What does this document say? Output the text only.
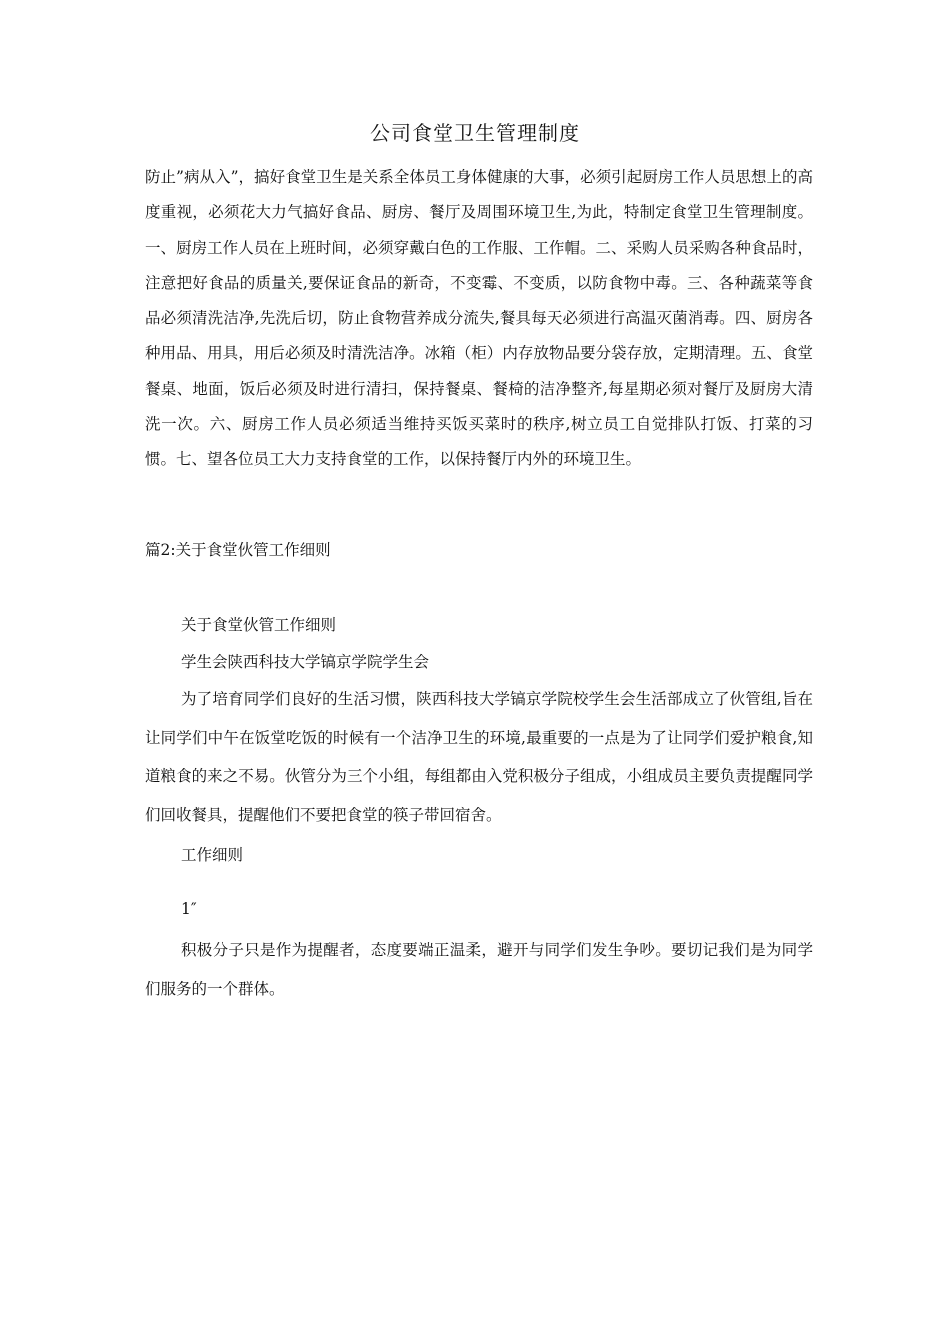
公司食堂卫生管理制度

防止”病从入”，搞好食堂卫生是关系全体员工身体健康的大事，必须引起厨房工作人员思想上的高度重视，必须花大力气搞好食品、厨房、餐厅及周围环境卫生,为此，特制定食堂卫生管理制度。一、厨房工作人员在上班时间，必须穿戴白色的工作服、工作帽。二、采购人员采购各种食品时，注意把好食品的质量关,要保证食品的新奇，不变霉、不变质，以防食物中毒。三、各种蔬菜等食品必须清洗洁净,先洗后切，防止食物营养成分流失,餐具每天必须进行高温灭菌消毒。四、厨房各种用品、用具，用后必须及时清洗洁净。冰箱（柜）内存放物品要分袋存放，定期清理。五、食堂餐桌、地面，饭后必须及时进行清扫，保持餐桌、餐椅的洁净整齐,每星期必须对餐厅及厨房大清洗一次。六、厨房工作人员必须适当维持买饭买菜时的秩序,树立员工自觉排队打饭、打菜的习惯。七、望各位员工大力支持食堂的工作，以保持餐厅内外的环境卫生。

篇2:关于食堂伙管工作细则

关于食堂伙管工作细则

学生会陕西科技大学镐京学院学生会

为了培育同学们良好的生活习惯，陕西科技大学镐京学院校学生会生活部成立了伙管组,旨在让同学们中午在饭堂吃饭的时候有一个洁净卫生的环境,最重要的一点是为了让同学们爱护粮食,知道粮食的来之不易。伙管分为三个小组，每组都由入党积极分子组成，小组成员主要负责提醒同学们回收餐具，提醒他们不要把食堂的筷子带回宿舍。

工作细则

1″

积极分子只是作为提醒者，态度要端正温柔，避开与同学们发生争吵。要切记我们是为同学们服务的一个群体。
